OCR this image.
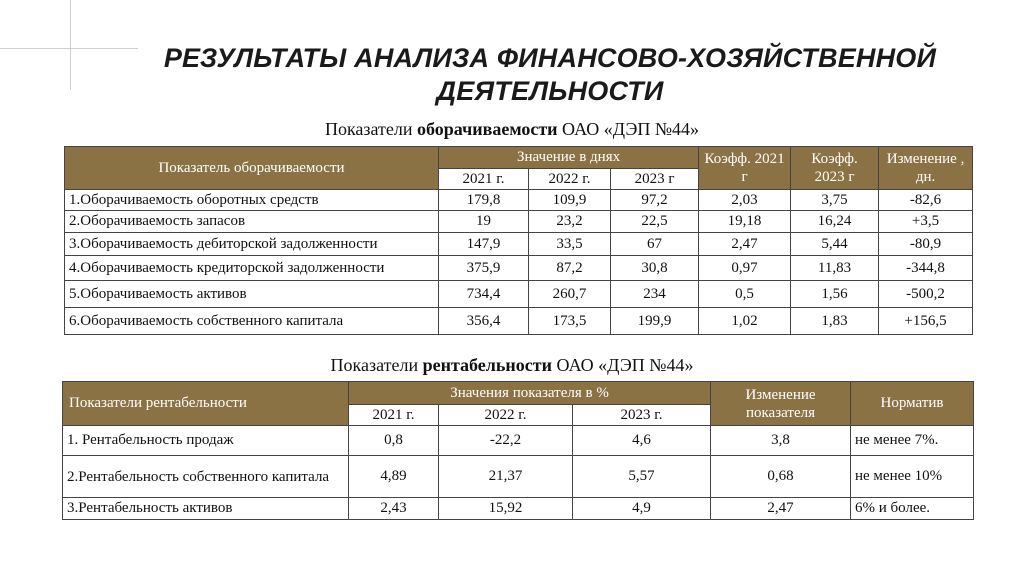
РЕЗУЛЬТАТЫ АНАЛИЗА ФИНАНСОВО-ХОЗЯЙСТВЕННОЙ ДЕЯТЕЛЬНОСТИ
Показатели оборачиваемости ОАО «ДЭП №44»
Показатель оборачиваемости	Значение в днях			Коэфф. 2021 г	Коэфф. 2023 г	Изменение , дн.
	2021 г.	2022 г.	2023 г			
1.Оборачиваемость оборотных средств	179,8	109,9	97,2	2,03	3,75	-82,6
2.Оборачиваемость запасов	19	23,2	22,5	19,18	16,24	+3,5
3.Оборачиваемость дебиторской задолженности	147,9	33,5	67	2,47	5,44	-80,9
4.Оборачиваемость кредиторской задолженности	375,9	87,2	30,8	0,97	11,83	-344,8
5.Оборачиваемость активов	734,4	260,7	234	0,5	1,56	-500,2
6.Оборачиваемость собственного капитала	356,4	173,5	199,9	1,02	1,83	+156,5
Показатели рентабельности ОАО «ДЭП №44»
Показатели рентабельности	Значения показателя в %			Изменение показателя	Норматив
	2021 г.	2022 г.	2023 г.		
1. Рентабельность продаж	0,8	-22,2	4,6	3,8	не менее 7%.
2.Рентабельность собственного капитала	4,89	21,37	5,57	0,68	не менее 10%
3.Рентабельность активов	2,43	15,92	4,9	2,47	6% и более.
